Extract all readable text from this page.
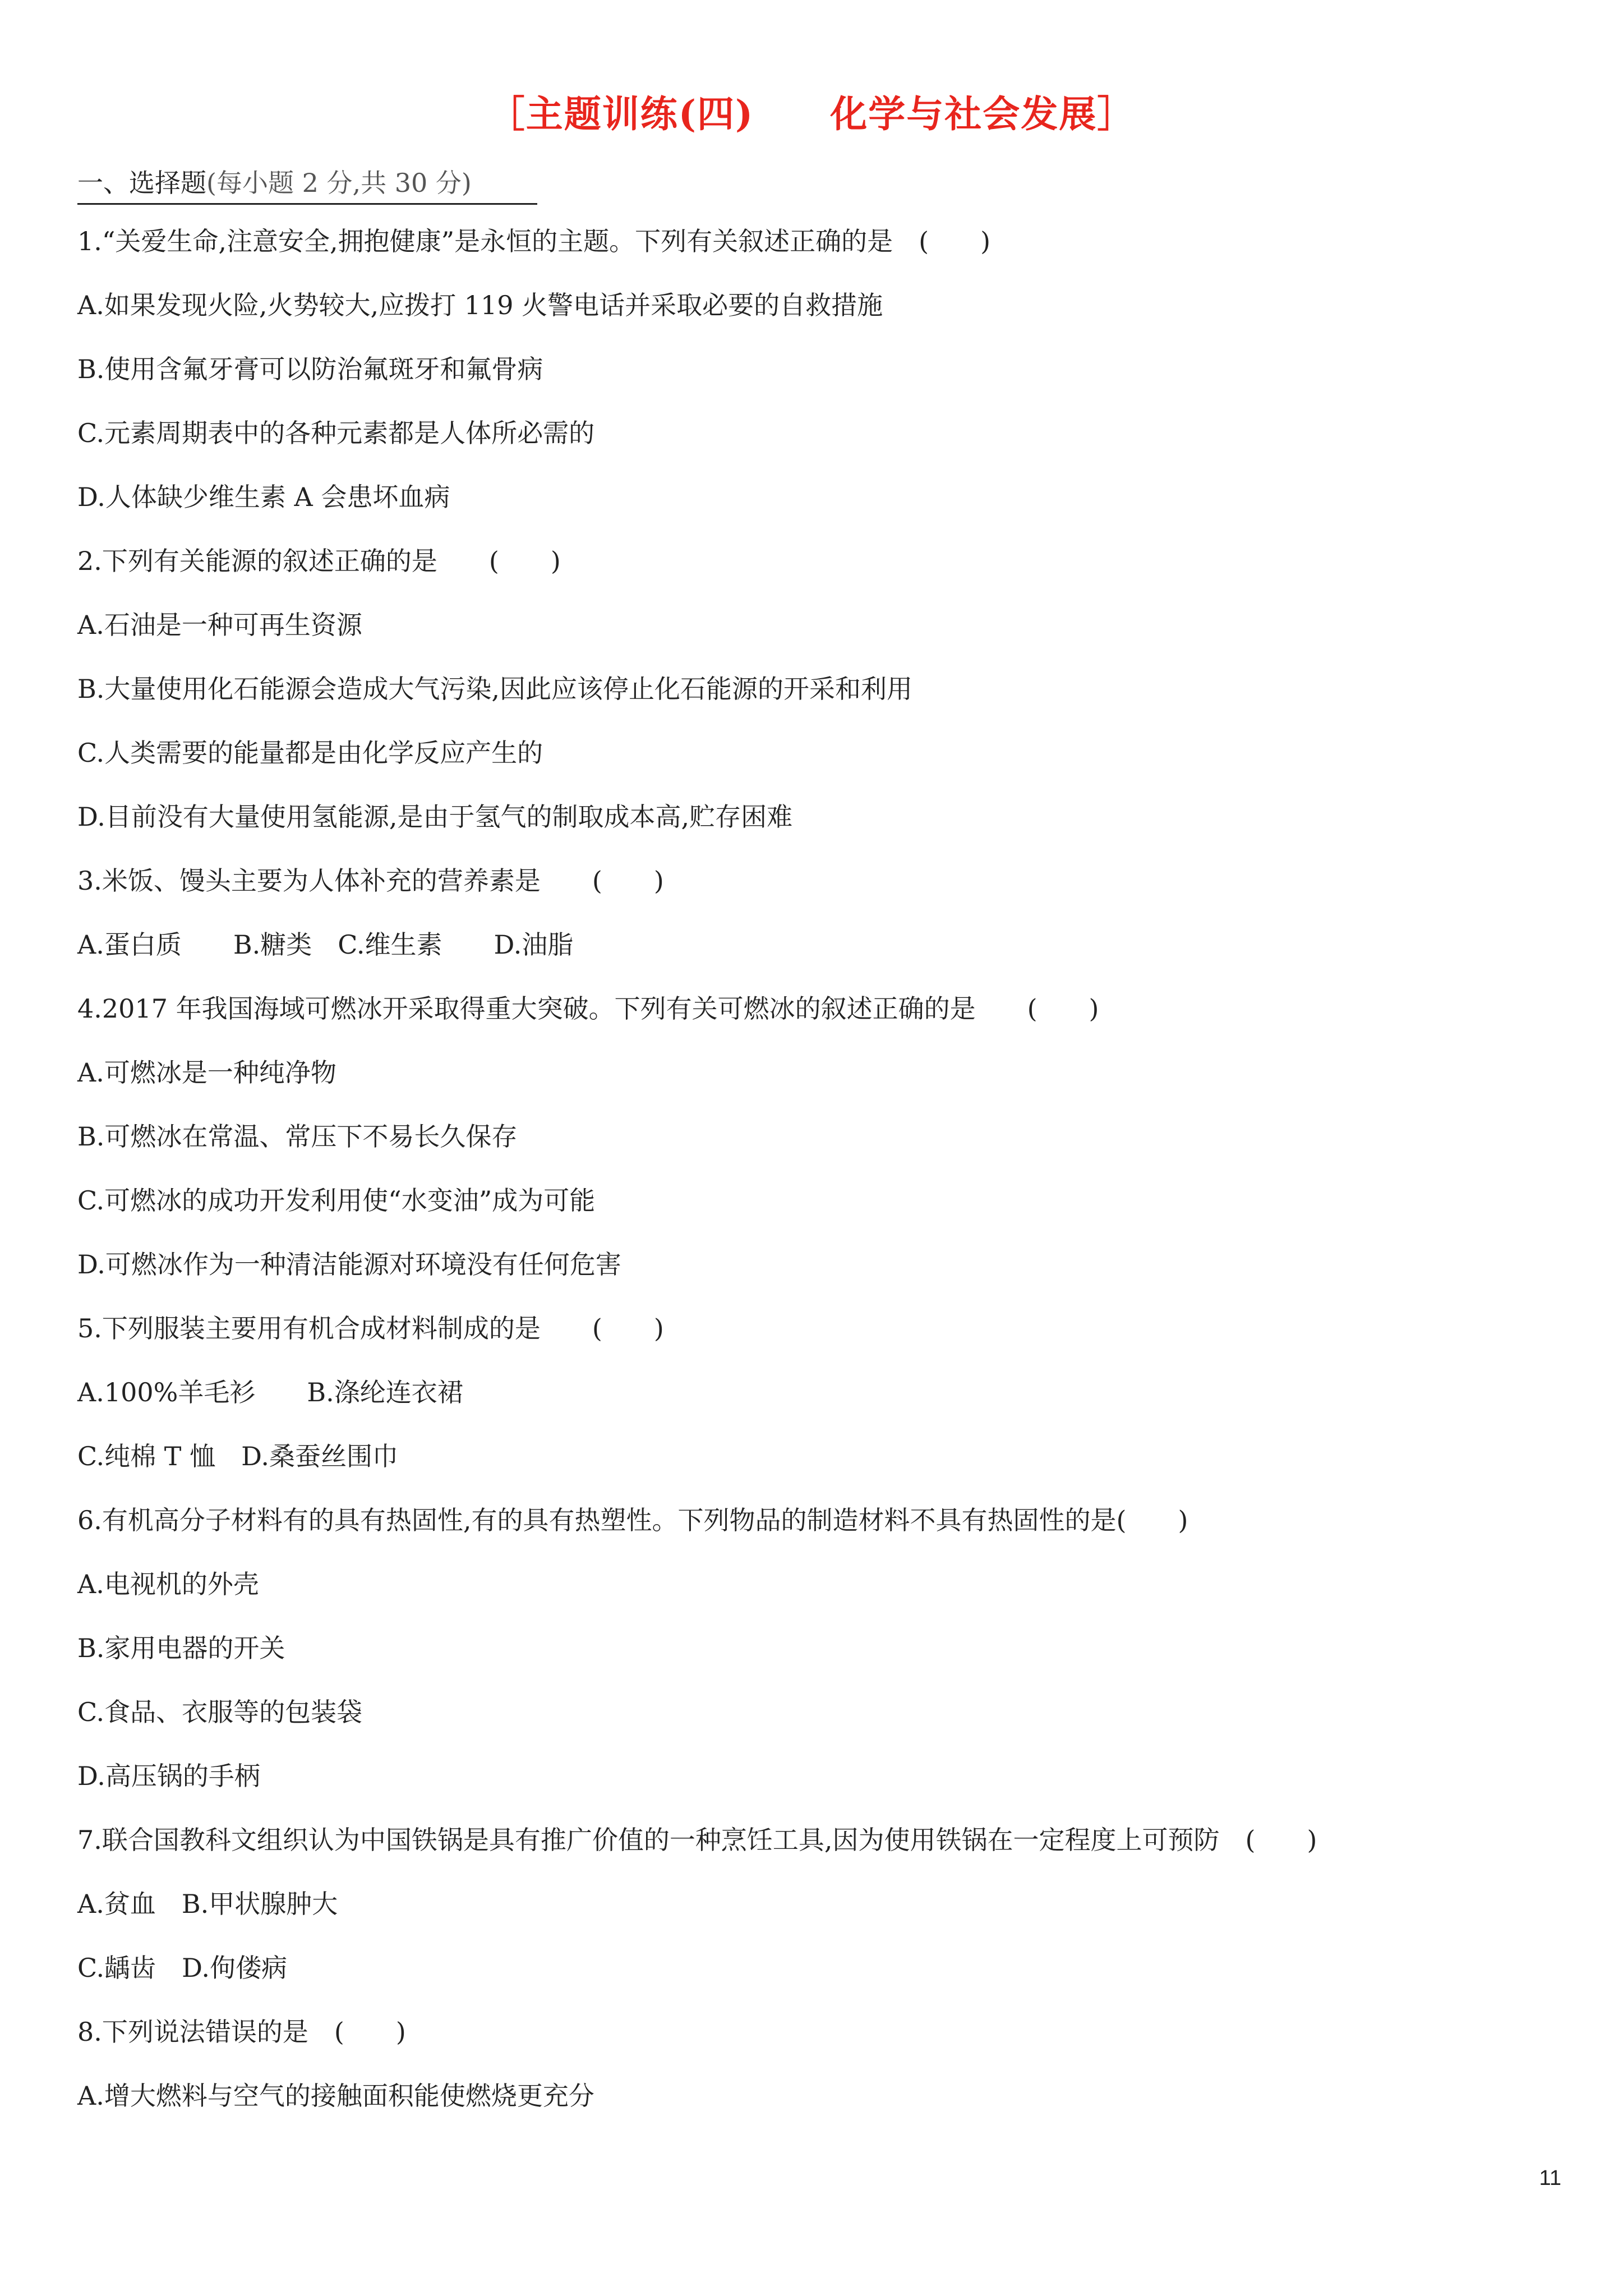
［主题训练(四)　　化学与社会发展］
一、选择题(每小题 2 分,共 30 分)
1.“关爱生命,注意安全,拥抱健康”是永恒的主题。下列有关叙述正确的是　(　　)
A.如果发现火险,火势较大,应拨打 119 火警电话并采取必要的自救措施
B.使用含氟牙膏可以防治氟斑牙和氟骨病
C.元素周期表中的各种元素都是人体所必需的
D.人体缺少维生素 A 会患坏血病
2.下列有关能源的叙述正确的是　　(　　)
A.石油是一种可再生资源
B.大量使用化石能源会造成大气污染,因此应该停止化石能源的开采和利用
C.人类需要的能量都是由化学反应产生的
D.目前没有大量使用氢能源,是由于氢气的制取成本高,贮存困难
3.米饭、馒头主要为人体补充的营养素是　　(　　)
A.蛋白质　　B.糖类　C.维生素　　D.油脂
4.2017 年我国海域可燃冰开采取得重大突破。下列有关可燃冰的叙述正确的是　　(　　)
A.可燃冰是一种纯净物
B.可燃冰在常温、常压下不易长久保存
C.可燃冰的成功开发利用使“水变油”成为可能
D.可燃冰作为一种清洁能源对环境没有任何危害
5.下列服装主要用有机合成材料制成的是　　(　　)
A.100%羊毛衫　　B.涤纶连衣裙
C.纯棉 T 恤　D.桑蚕丝围巾
6.有机高分子材料有的具有热固性,有的具有热塑性。下列物品的制造材料不具有热固性的是(　　)
A.电视机的外壳
B.家用电器的开关
C.食品、衣服等的包装袋
D.高压锅的手柄
7.联合国教科文组织认为中国铁锅是具有推广价值的一种烹饪工具,因为使用铁锅在一定程度上可预防　(　　)
A.贫血　B.甲状腺肿大
C.龋齿　D.佝偻病
8.下列说法错误的是　(　　)
A.增大燃料与空气的接触面积能使燃烧更充分
11
